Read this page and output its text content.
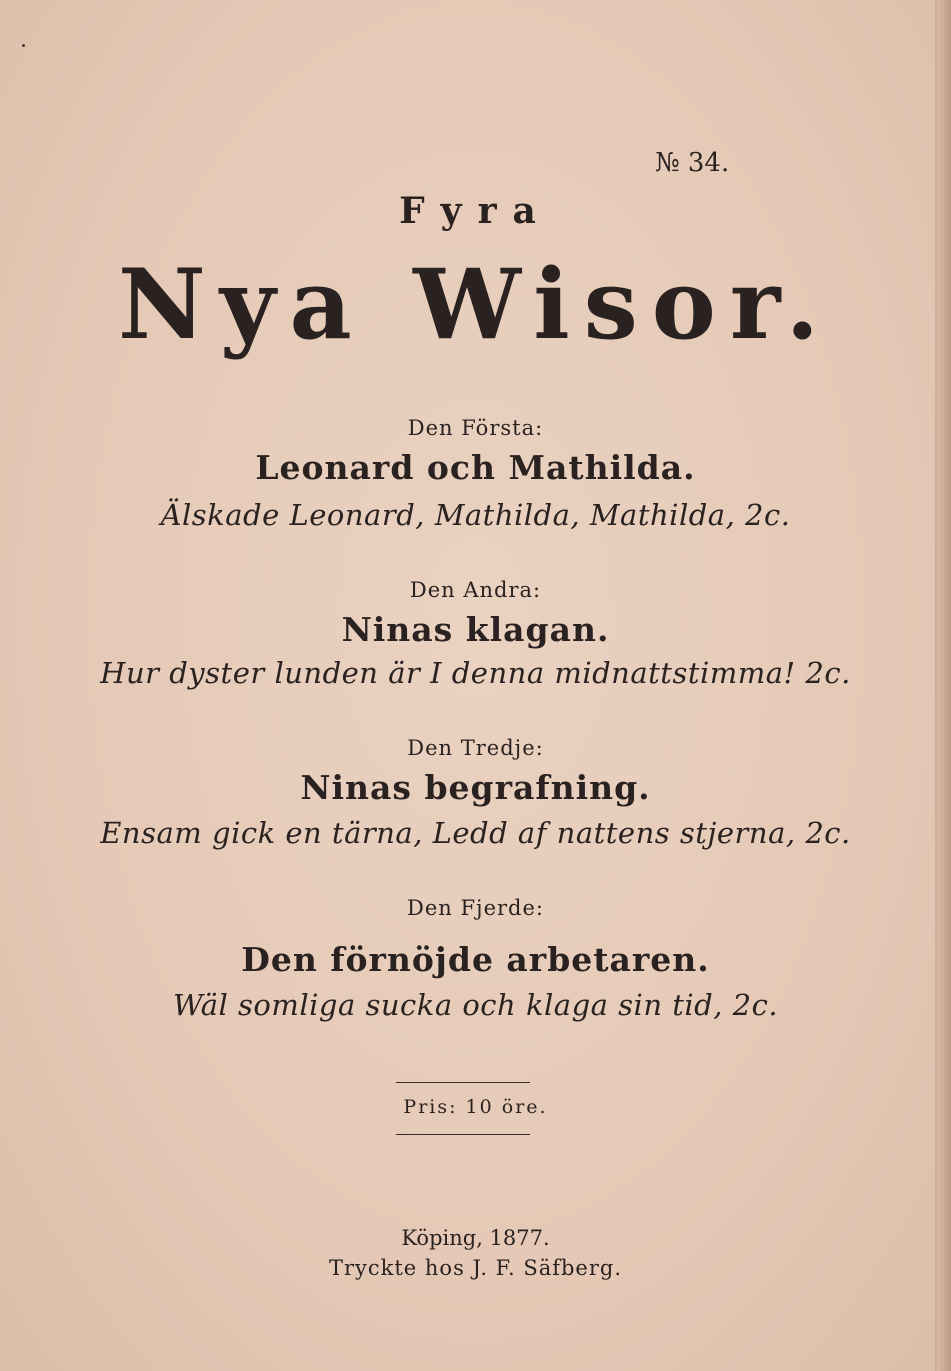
№ 34.
Fyra
Nya Wisor.
Den Första:
Leonard och Mathilda.
Älskade Leonard, Mathilda, Mathilda, 2c.
Den Andra:
Ninas klagan.
Hur dyster lunden är I denna midnattstimma! 2c.
Den Tredje:
Ninas begrafning.
Ensam gick en tärna, Ledd af nattens stjerna, 2c.
Den Fjerde:
Den förnöjde arbetaren.
Wäl somliga sucka och klaga sin tid, 2c.
Pris: 10 öre.
Köping, 1877.
Tryckte hos J. F. Säfberg.
